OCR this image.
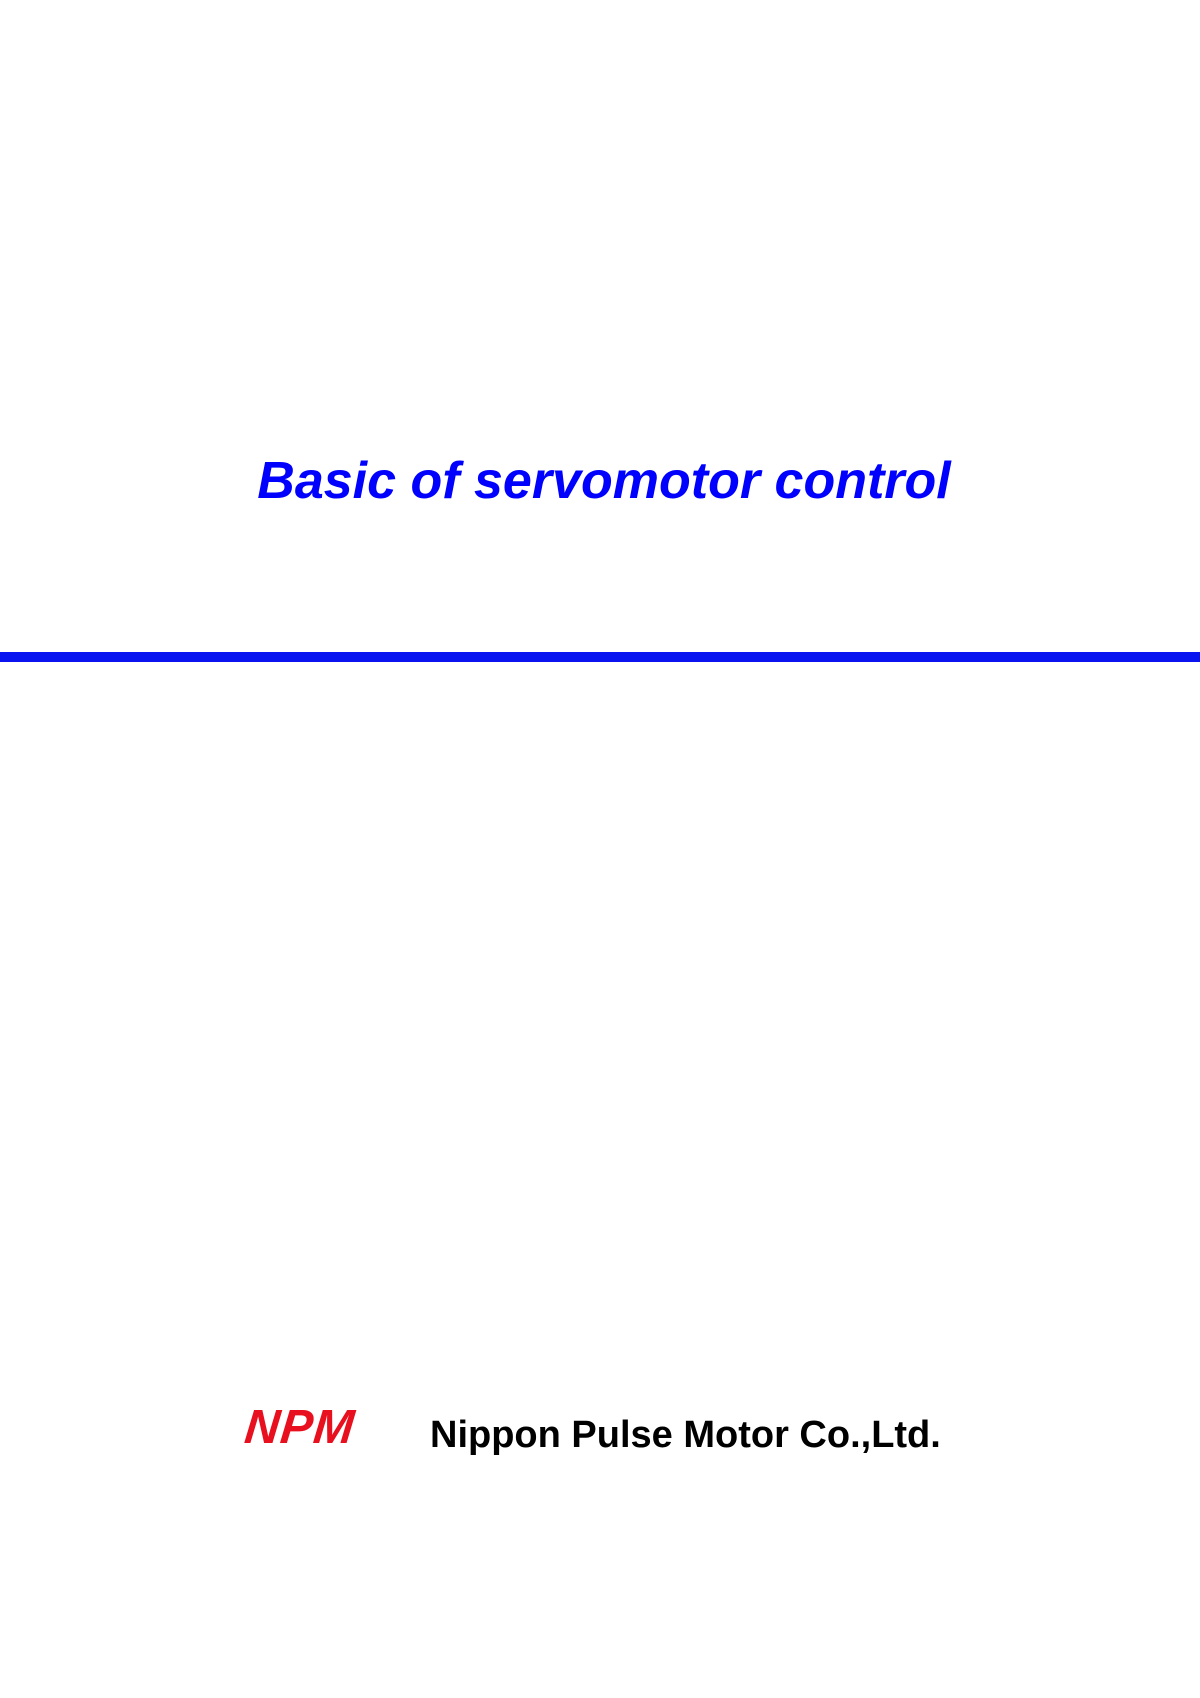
Basic of servomotor control
NPM Nippon Pulse Motor Co.,Ltd.
